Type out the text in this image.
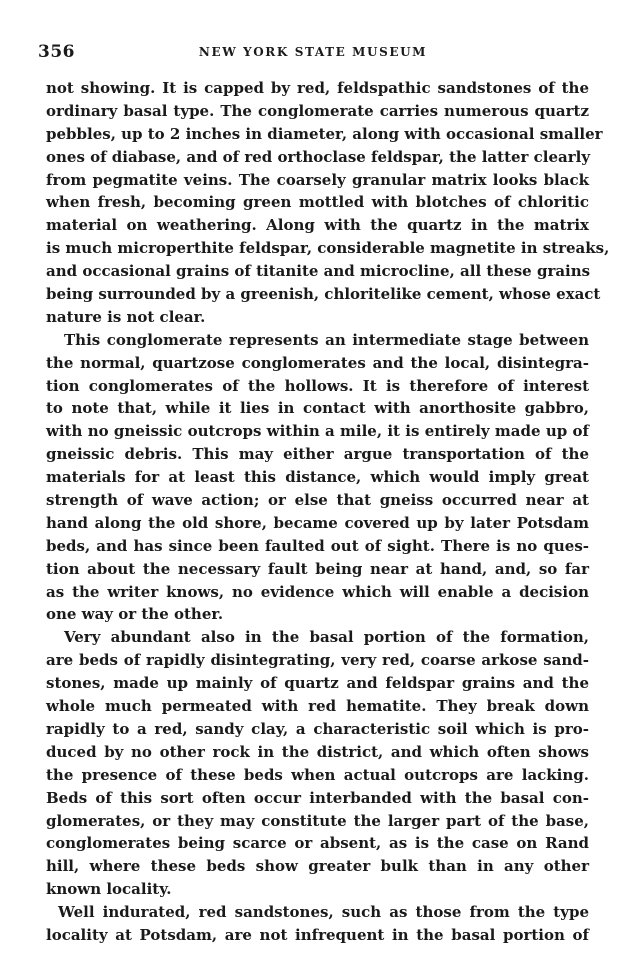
356	NEW YORK STATE MUSEUM
not showing. It is capped by red, feldspathic sandstones of the
ordinary basal type. The conglomerate carries numerous quartz
pebbles, up to 2 inches in diameter, along with occasional smaller
ones of diabase, and of red orthoclase feldspar, the latter clearly
from pegmatite veins. The coarsely granular matrix looks black
when fresh, becoming green mottled with blotches of chloritic
material on weathering. Along with the quartz in the matrix
is much microperthite feldspar, considerable magnetite in streaks,
and occasional grains of titanite and microcline, all these grains
being surrounded by a greenish, chloritelike cement, whose exact
nature is not clear.
This conglomerate represents an intermediate stage between
the normal, quartzose conglomerates and the local, disintegra-
tion conglomerates of the hollows. It is therefore of interest
to note that, while it lies in contact with anorthosite gabbro,
with no gneissic outcrops within a mile, it is entirely made up of
gneissic debris. This may either argue transportation of the
materials for at least this distance, which would imply great
strength of wave action; or else that gneiss occurred near at
hand along the old shore, became covered up by later Potsdam
beds, and has since been faulted out of sight. There is no ques-
tion about the necessary fault being near at hand, and, so far
as the writer knows, no evidence which will enable a decision
one way or the other.
Very abundant also in the basal portion of the formation,
are beds of rapidly disintegrating, very red, coarse arkose sand-
stones, made up mainly of quartz and feldspar grains and the
whole much permeated with red hematite. They break down
rapidly to a red, sandy clay, a characteristic soil which is pro-
duced by no other rock in the district, and which often shows
the presence of these beds when actual outcrops are lacking.
Beds of this sort often occur interbanded with the basal con-
glomerates, or they may constitute the larger part of the base,
conglomerates being scarce or absent, as is the case on Rand
hill, where these beds show greater bulk than in any other
known locality.
Well indurated, red sandstones, such as those from the type
locality at Potsdam, are not infrequent in the basal portion of
